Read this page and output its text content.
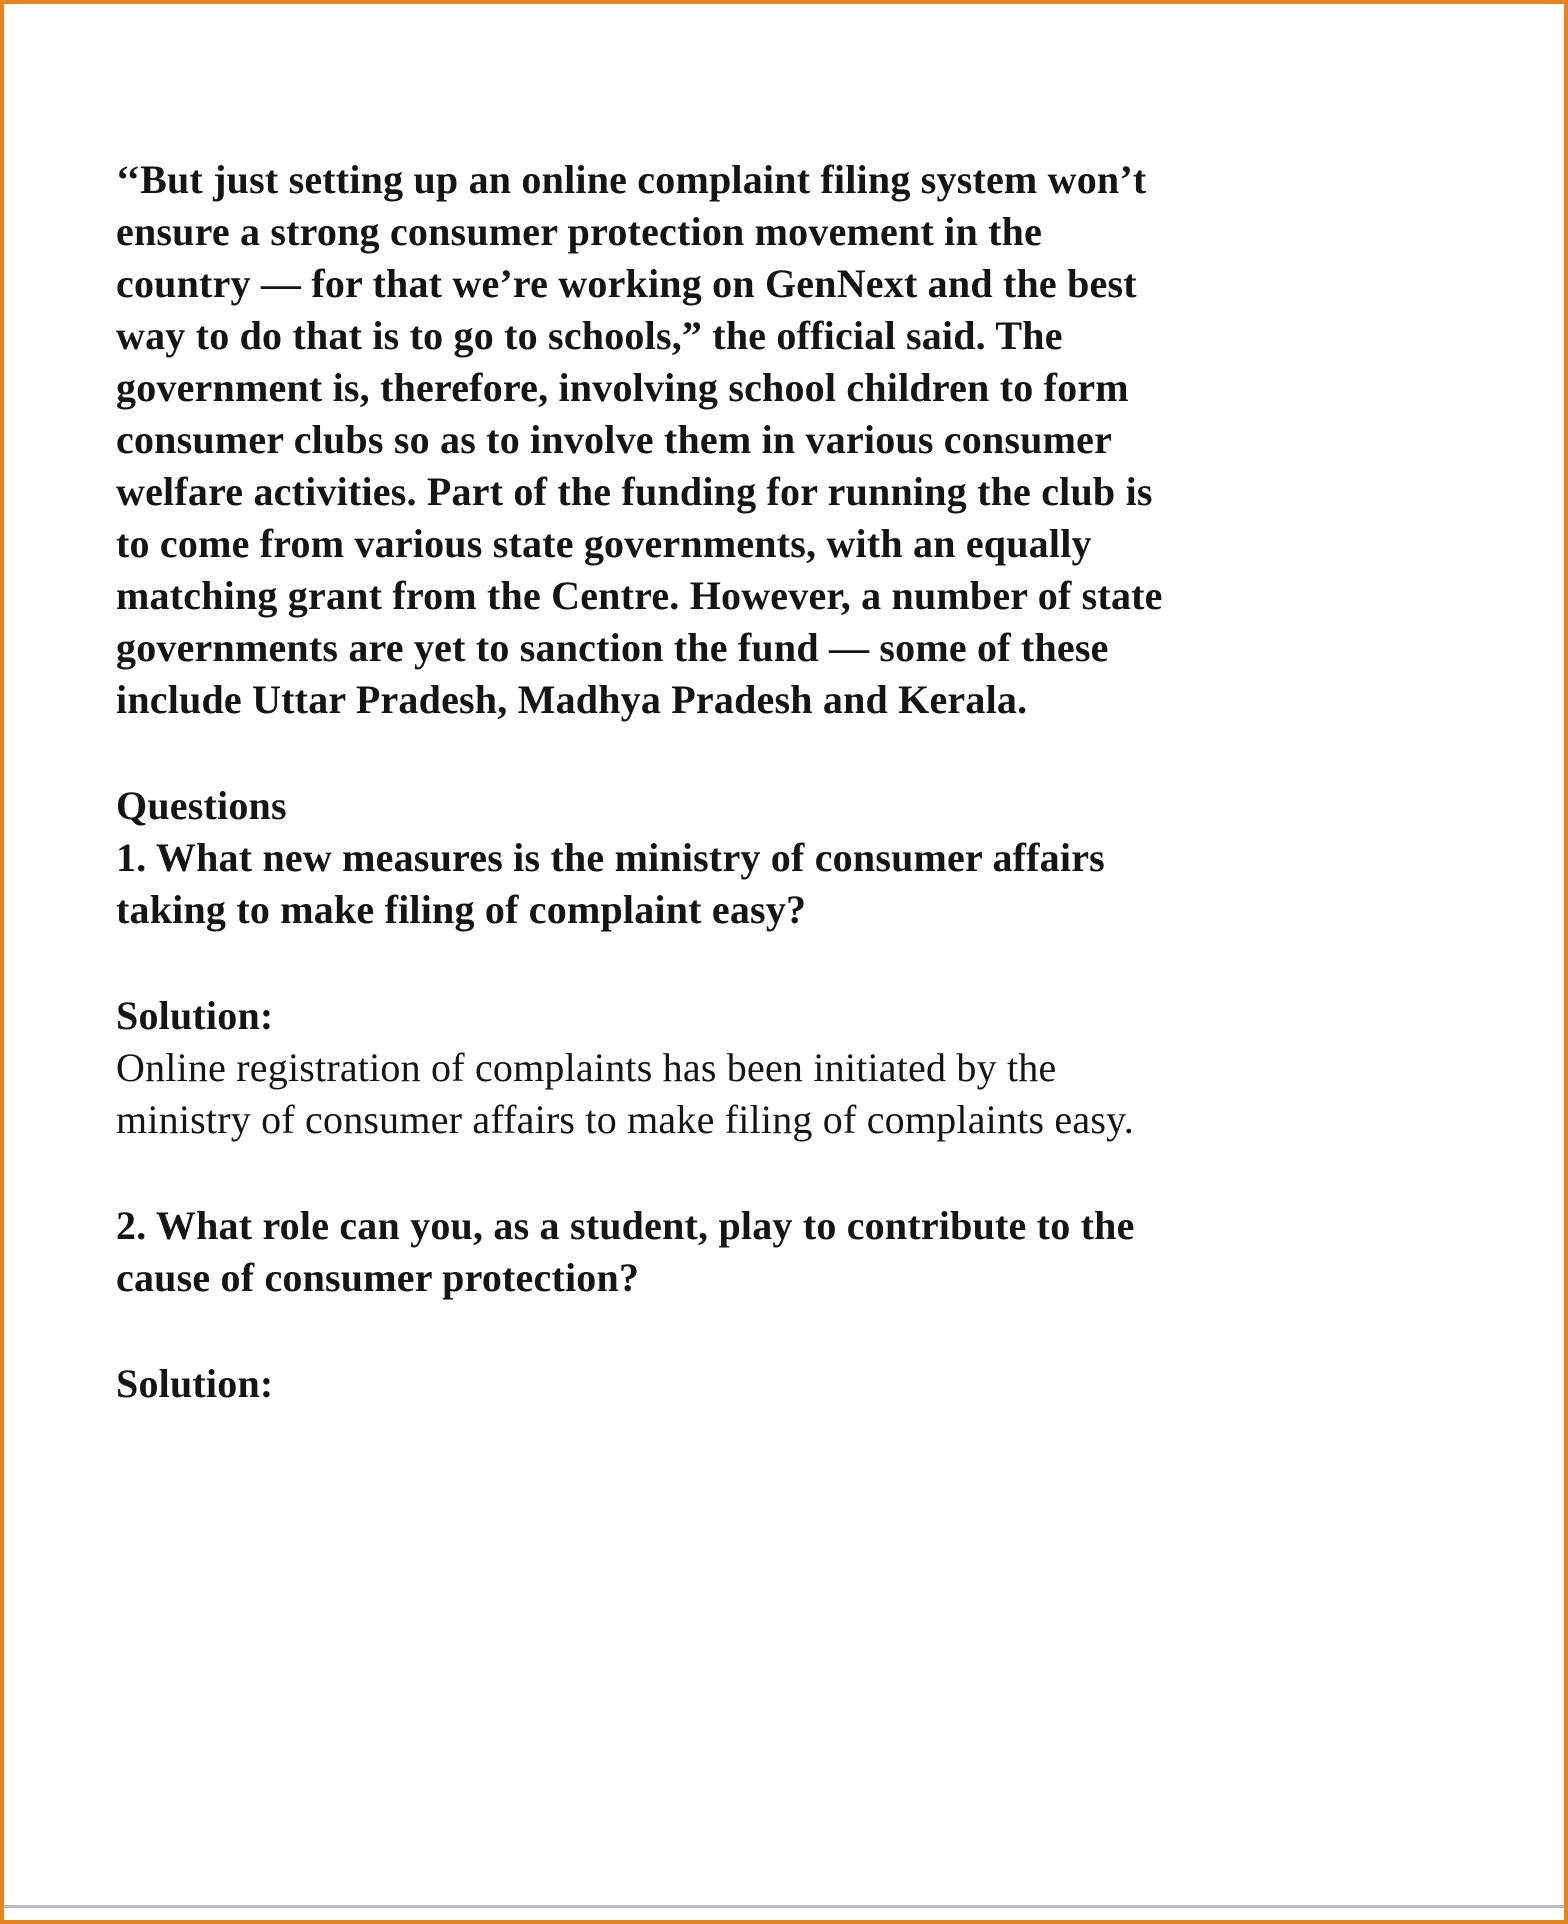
‘‘But just setting up an online complaint filing system won’t ensure a strong consumer protection movement in the country — for that we’re working on GenNext and the best way to do that is to go to schools,” the official said. The government is, therefore, involving school children to form consumer clubs so as to involve them in various consumer welfare activities. Part of the funding for running the club is to come from various state governments, with an equally matching grant from the Centre. However, a number of state governments are yet to sanction the fund — some of these include Uttar Pradesh, Madhya Pradesh and Kerala.

Questions

1. What new measures is the ministry of consumer affairs taking to make filing of complaint easy?

Solution:

Online registration of complaints has been initiated by the ministry of consumer affairs to make filing of complaints easy.

2. What role can you, as a student, play to contribute to the cause of consumer protection?

Solution:
